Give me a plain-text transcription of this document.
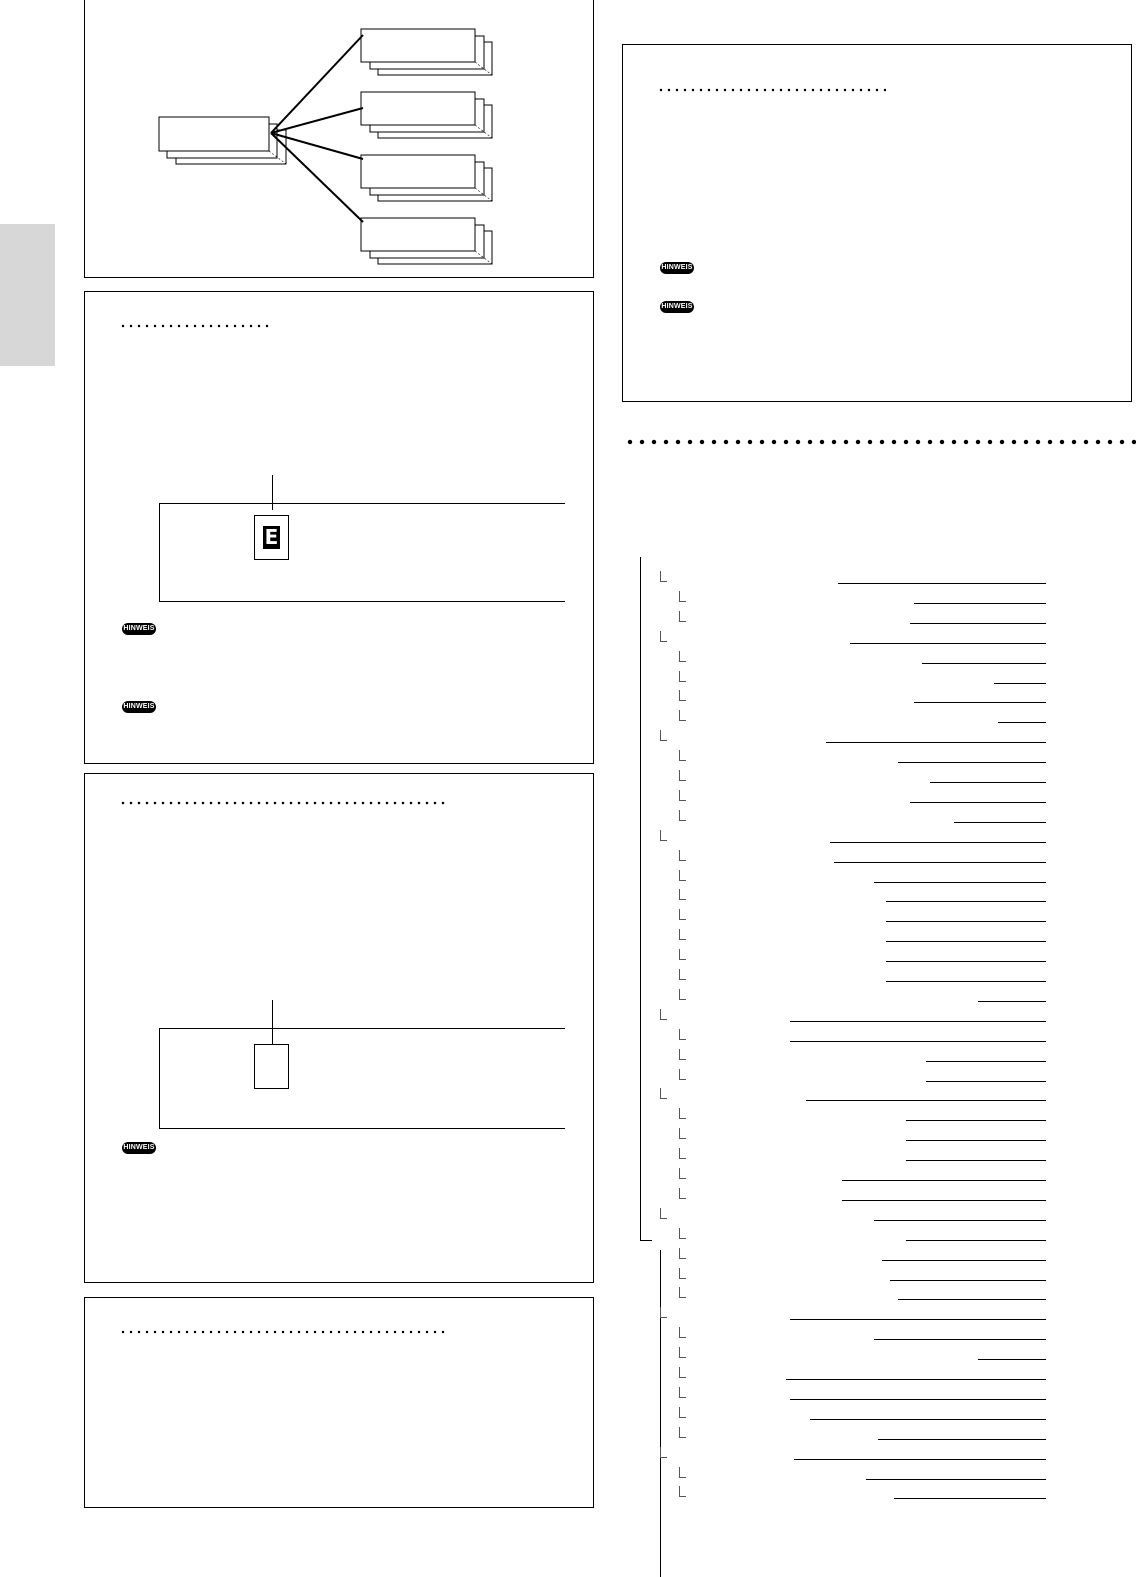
E
HINWEIS
HINWEIS
HINWEIS
HINWEIS
HINWEIS
